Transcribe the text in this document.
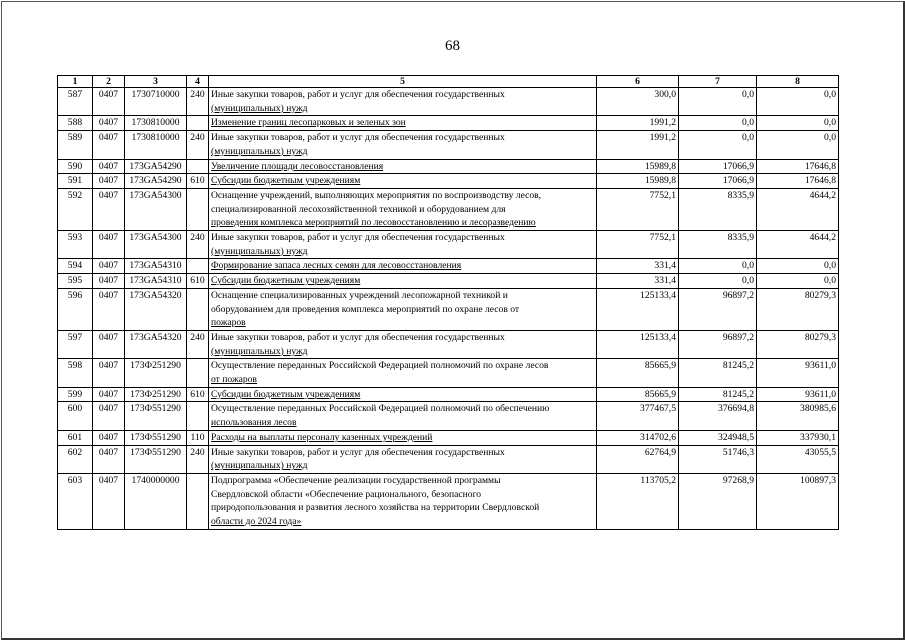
68
1	2	3	4	5	6	7	8
587	0407	1730710000	240	Иные закупки товаров, работ и услуг для обеспечения государственных
(муниципальных) нужд	300,0	0,0	0,0
588	0407	1730810000		Изменение границ лесопарковых и зеленых зон	1991,2	0,0	0,0
589	0407	1730810000	240	Иные закупки товаров, работ и услуг для обеспечения государственных
(муниципальных) нужд	1991,2	0,0	0,0
590	0407	173GA54290		Увеличение площади лесовосстановления	15989,8	17066,9	17646,8
591	0407	173GA54290	610	Субсидии бюджетным учреждениям	15989,8	17066,9	17646,8
592	0407	173GA54300		Оснащение учреждений, выполняющих мероприятия по воспроизводству лесов,
специализированной лесохозяйственной техникой и оборудованием для
проведения комплекса мероприятий по лесовосстановлению и лесоразведению	7752,1	8335,9	4644,2
593	0407	173GA54300	240	Иные закупки товаров, работ и услуг для обеспечения государственных
(муниципальных) нужд	7752,1	8335,9	4644,2
594	0407	173GA54310		Формирование запаса лесных семян для лесовосстановления	331,4	0,0	0,0
595	0407	173GA54310	610	Субсидии бюджетным учреждениям	331,4	0,0	0,0
596	0407	173GA54320		Оснащение специализированных учреждений лесопожарной техникой и
оборудованием для проведения комплекса мероприятий по охране лесов от
пожаров	125133,4	96897,2	80279,3
597	0407	173GA54320	240	Иные закупки товаров, работ и услуг для обеспечения государственных
(муниципальных) нужд	125133,4	96897,2	80279,3
598	0407	173Ф251290		Осуществление переданных Российской Федерацией полномочий по охране лесов
от пожаров	85665,9	81245,2	93611,0
599	0407	173Ф251290	610	Субсидии бюджетным учреждениям	85665,9	81245,2	93611,0
600	0407	173Ф551290		Осуществление переданных Российской Федерацией полномочий по обеспечению
использования лесов	377467,5	376694,8	380985,6
601	0407	173Ф551290	110	Расходы на выплаты персоналу казенных учреждений	314702,6	324948,5	337930,1
602	0407	173Ф551290	240	Иные закупки товаров, работ и услуг для обеспечения государственных
(муниципальных) нужд	62764,9	51746,3	43055,5
603	0407	1740000000		Подпрограмма «Обеспечение реализации государственной программы
Свердловской области «Обеспечение рационального, безопасного
природопользования и развития лесного хозяйства на территории Свердловской
области до 2024 года»	113705,2	97268,9	100897,3
